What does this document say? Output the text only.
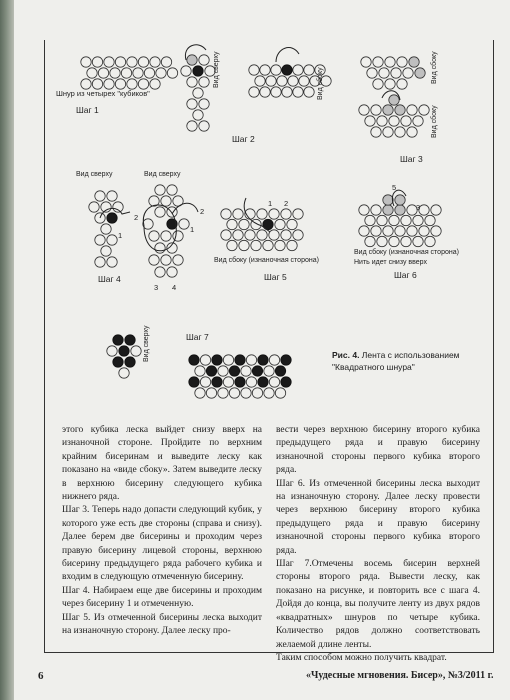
Шнур из четырех "кубиков"
Шаг 1
Вид сверху	Вид сбоку
Шаг 2
Вид сбоку
Вид сбоку
Шаг 3
Вид сверху	Вид сверху
2
1
2
1
3 4
Шаг 4
1 2
Вид сбоку (изнаночная сторона)
Шаг 5
5
3
Вид сбоку (изнаночная сторона)
Нить идет снизу вверх
Шаг 6
Вид сверху	Шаг 7
Рис. 4. Лента с использованием
"Квадратного шнура"

этого кубика леска выйдет снизу вверх на изнаночной стороне. Пройдите по верхним крайним бисеринам и выведите леску как показано на «виде сбоку». Затем выведите леску в верхнюю бисерину следующего кубика нижнего ряда.

Шаг 3. Теперь надо допасти следующий кубик, у которого уже есть две стороны (справа и снизу). Далее берем две бисерины и проходим через правую бисерину лицевой стороны, верхнюю бисерину предыдущего ряда рабочего кубика и входим в следующую отмеченную бисерину.

Шаг 4. Набираем еще две бисерины и проходим через бисерину 1 и отмеченную.

Шаг 5. Из отмеченной бисерины леска выходит на изнаночную сторону. Далее леску про-

вести через верхнюю бисерину второго кубика предыдущего ряда и правую бисерину изнаночной стороны первого кубика второго ряда.

Шаг 6. Из отмеченной бисерины леска выходит на изнаночную сторону. Далее леску провести через верхнюю бисерину второго кубика предыдущего ряда и правую бисерину изнаночной стороны первого кубика второго ряда.

Шаг 7.Отмечены восемь бисерин верхней стороны второго ряда. Вывести леску, как показано на рисунке, и повторить все с шага 4. Дойдя до конца, вы получите ленту из двух рядов «квадратных» шнуров по четыре кубика. Количество рядов должно соответствовать желаемой длине ленты.

Таким способом можно получить квадрат.

6	«Чудесные мгновения. Бисер», №3/2011 г.
